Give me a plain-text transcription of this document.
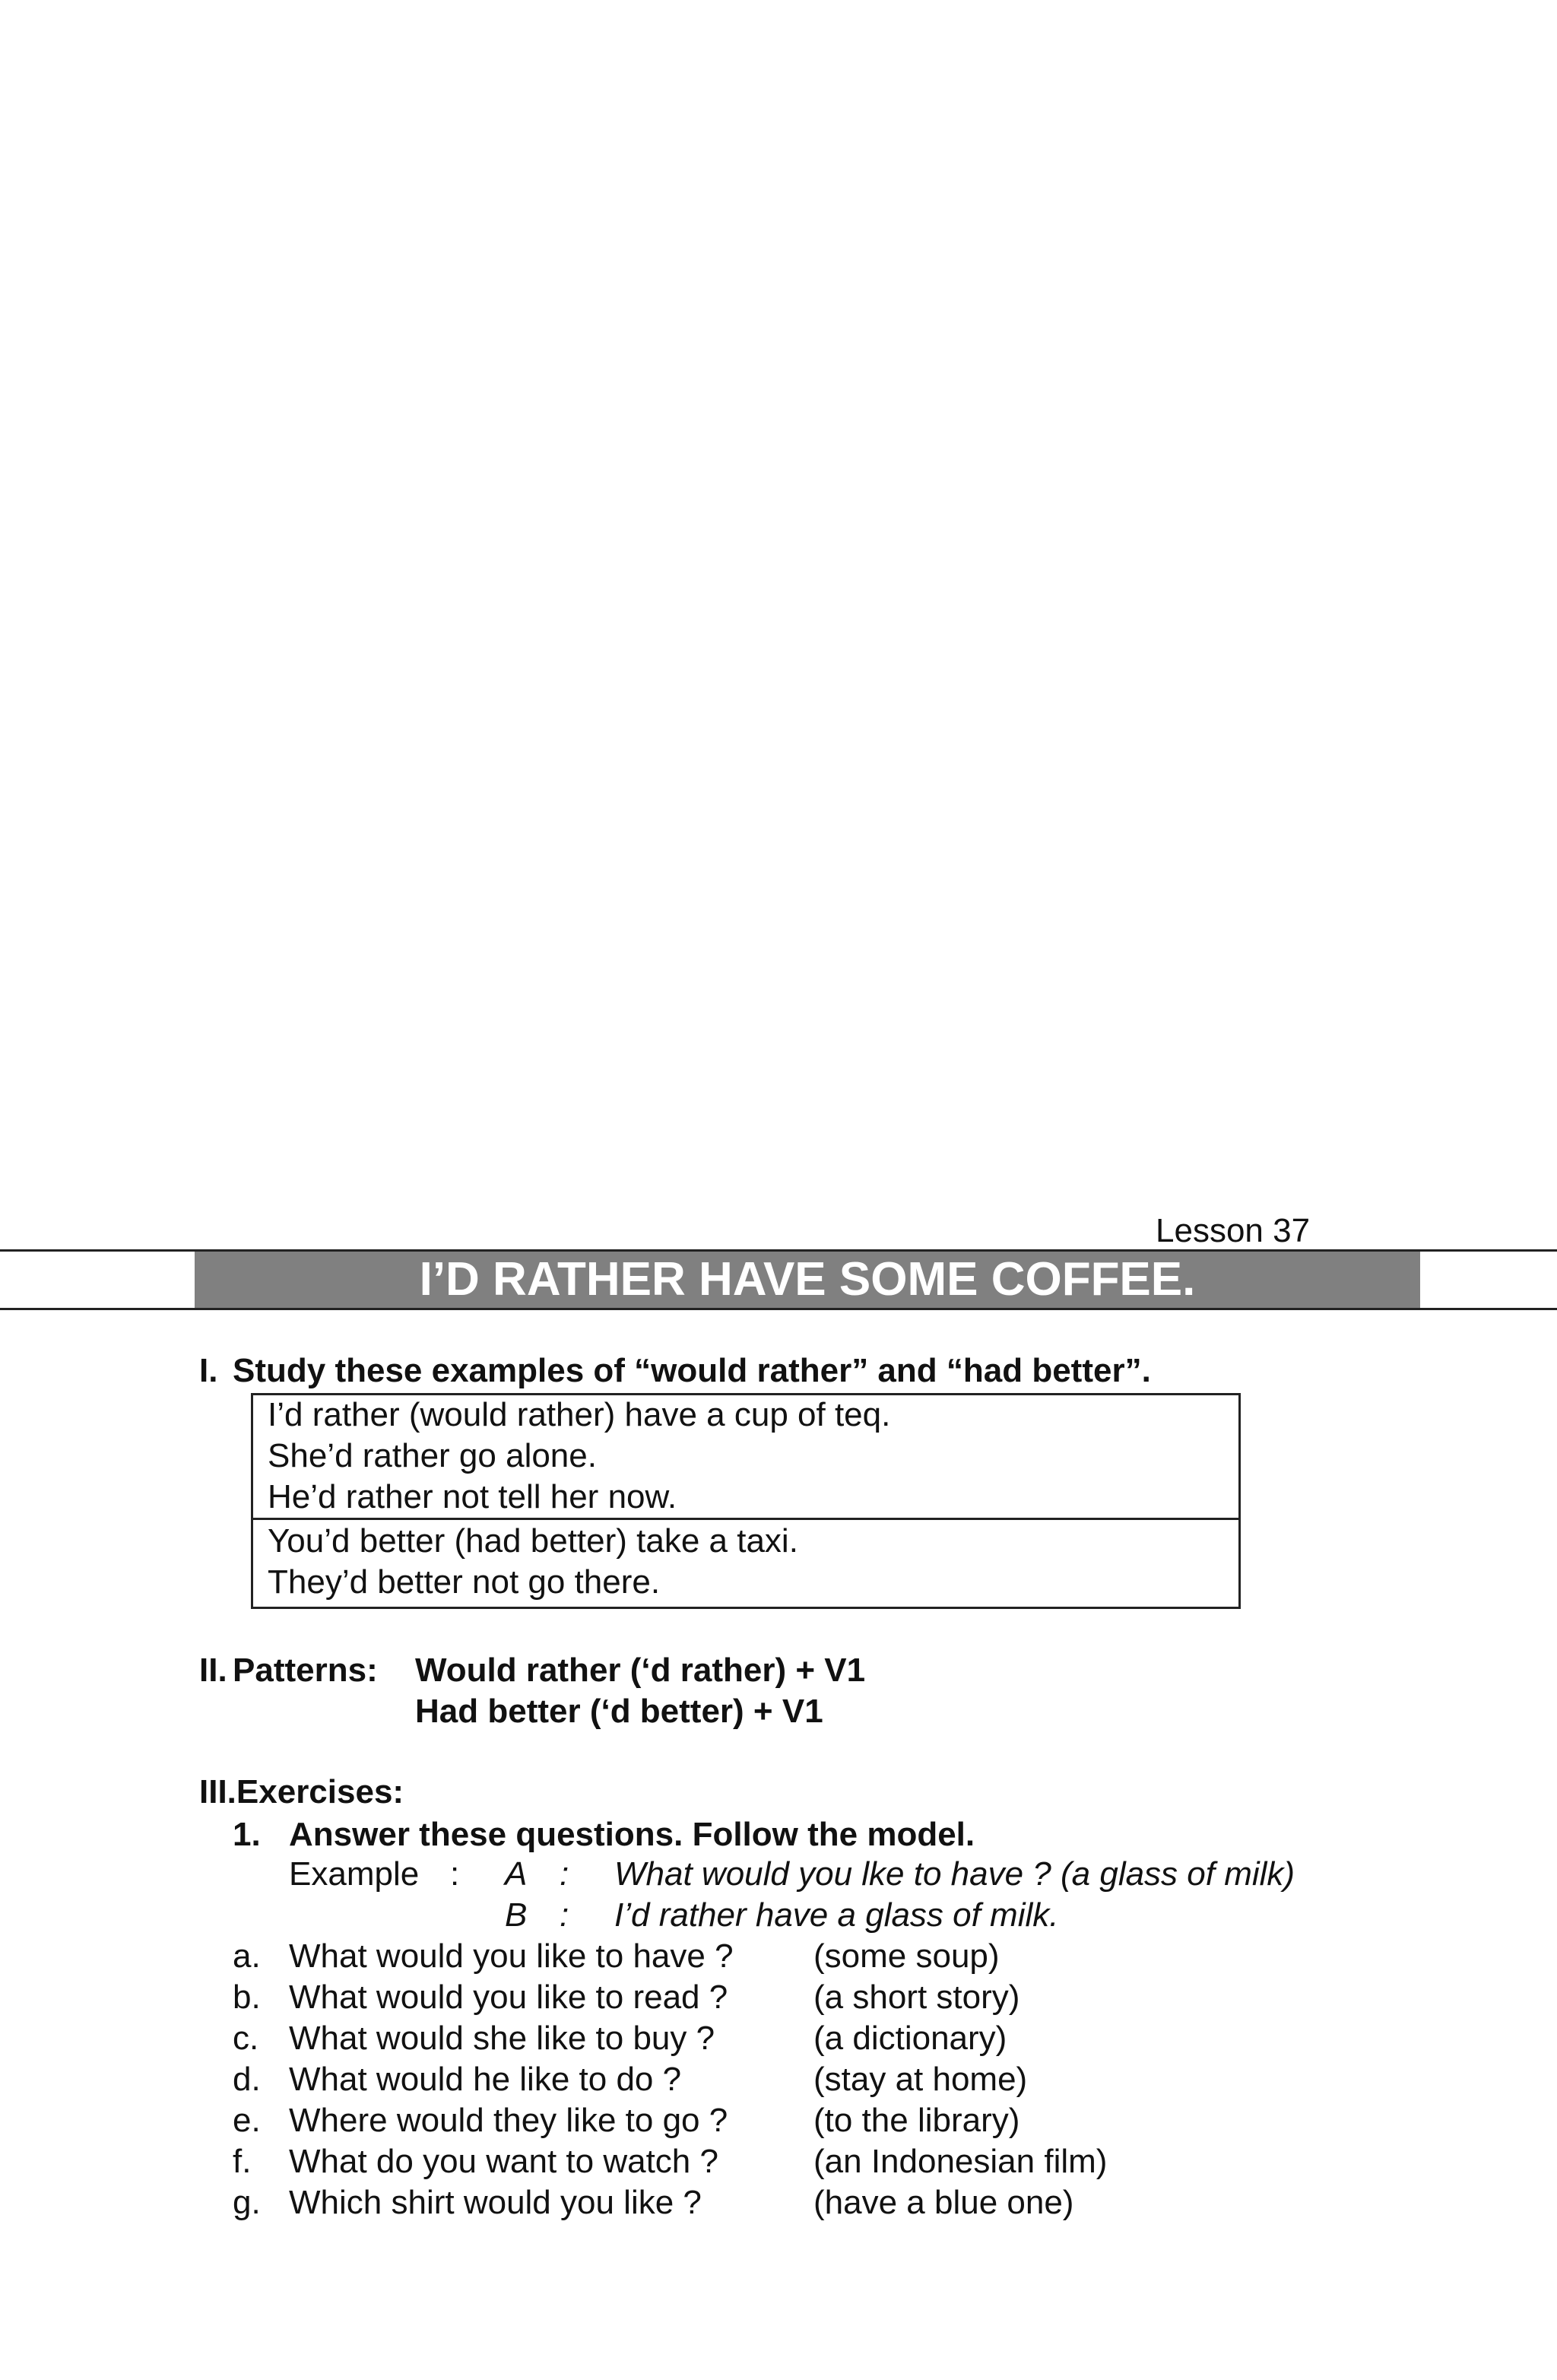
Lesson 37
I’D RATHER HAVE SOME COFFEE.
I. Study these examples of “would rather” and “had better”.
I’d rather (would rather) have a cup of teq.
She’d rather go alone.
He’d rather not tell her now.
You’d better (had better) take a taxi.
They’d better not go there.
II. Patterns: Would rather (‘d rather) + V1
Had better (‘d better) + V1
III.Exercises:
1. Answer these questions. Follow the model.
Example : A : What would you lke to have ? (a glass of milk)
B : I’d rather have a glass of milk.
a. What would you like to have ? (some soup)
b. What would you like to read ?	(a short story)
c. What would she like to buy ?	(a dictionary)
d. What would he like to do ?	(stay at home)
e. Where would they like to go ?	(to the library)
f. What do you want to watch ?	(an Indonesian film)
g. Which shirt would you like ?	(have a blue one)
